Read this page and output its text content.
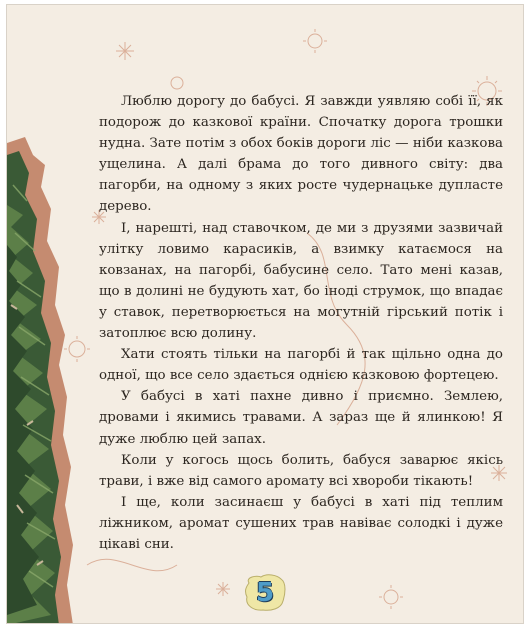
Люблю дорогу до бабусі. Я завжди уявляю собі її, як подорож до казкової країни. Спочатку дорога трошки нудна. Зате потім з обох боків дороги ліс — ніби казкова ущелина. А далі брама до того дивного світу: два пагорби, на одному з яких росте чудернацьке дупласте дерево.

І, нарешті, над ставочком, де ми з друзями зазвичай улітку ловимо карасиків, а взимку катаємося на ковзанах, на пагорбі, бабусине село. Тато мені казав, що в долині не будують хат, бо іноді струмок, що впадає у ставок, перетворюється на могутній гірський потік і затоплює всю долину.

Хати стоять тільки на пагорбі й так щільно одна до одної, що все село здається однією казковою фортецею.

У бабусі в хаті пахне дивно і приємно. Землею, дровами і якимись травами. А зараз ще й ялинкою! Я дуже люблю цей запах.

Коли у когось щось болить, бабуся заварює якісь трави, і вже від самого аромату всі хвороби тікають!

І ще, коли засинаєш у бабусі в хаті під теплим ліжником, аромат сушених трав навіває солодкі і дуже цікаві сни.

5
